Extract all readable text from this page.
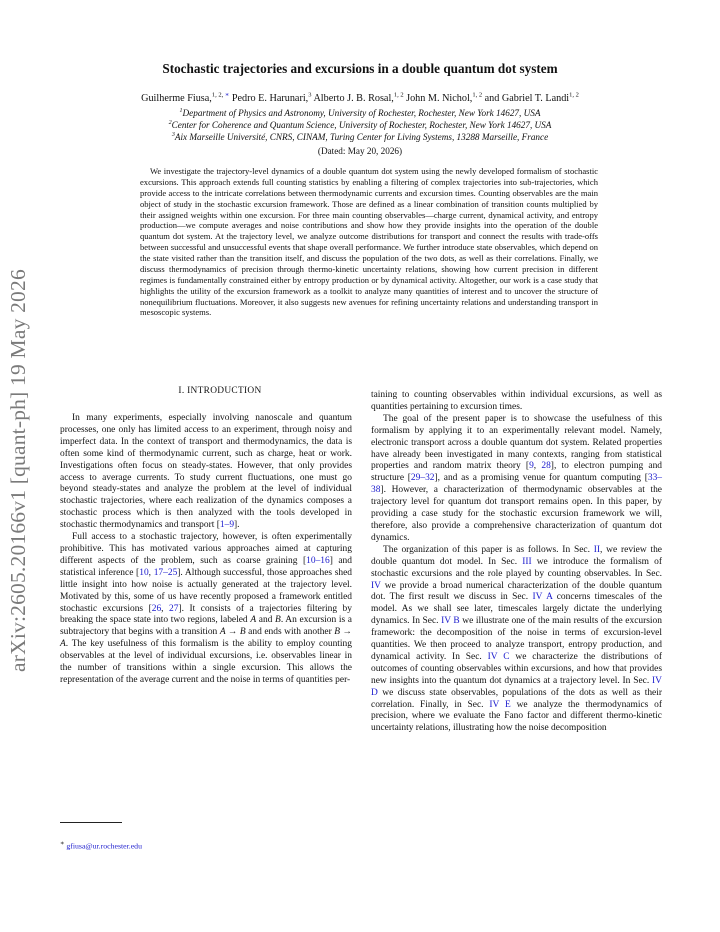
arXiv:2605.20166v1 [quant-ph] 19 May 2026
Stochastic trajectories and excursions in a double quantum dot system
Guilherme Fiusa,$^{1, 2,}$ ∗ Pedro E. Harunari,$^3$ Alberto J. B. Rosal,$^{1, 2}$ John M. Nichol,$^{1, 2}$ and Gabriel T. Landi$^{1, 2}$
$^1$Department of Physics and Astronomy, University of Rochester, Rochester, New York 14627, USA
$^2$Center for Coherence and Quantum Science, University of Rochester, Rochester, New York 14627, USA
$^3$Aix Marseille Université, CNRS, CINAM, Turing Center for Living Systems, 13288 Marseille, France
(Dated: May 20, 2026)
We investigate the trajectory-level dynamics of a double quantum dot system using the newly developed formalism of stochastic excursions. This approach extends full counting statistics by enabling a filtering of complex trajectories into sub-trajectories, which provide access to the intricate correlations between thermodynamic currents and excursion times. Counting observables are the main object of study in the stochastic excursion framework. Those are defined as a linear combination of transition counts multiplied by their assigned weights within one excursion. For three main counting observables—charge current, dynamical activity, and entropy production—we compute averages and noise contributions and show how they provide insights into the operation of the double quantum dot system. At the trajectory level, we analyze outcome distributions for transport and connect the results with trade-offs between successful and unsuccessful events that shape overall performance. We further introduce state observables, which depend on the state visited rather than the transition itself, and discuss the population of the two dots, as well as their correlations. Finally, we discuss thermodynamics of precision through thermo-kinetic uncertainty relations, showing how current precision in different regimes is fundamentally constrained either by entropy production or by dynamical activity. Altogether, our work is a case study that highlights the utility of the excursion framework as a toolkit to analyze many quantities of interest and to uncover the structure of nonequilibrium fluctuations. Moreover, it also suggests new avenues for refining uncertainty relations and understanding transport in mesoscopic systems.
I. INTRODUCTION

In many experiments, especially involving nanoscale and quantum processes, one only has limited access to an experiment, through noisy and imperfect data. In the context of transport and thermodynamics, the data is often some kind of thermodynamic current, such as charge, heat or work. Investigations often focus on steady-states. However, that only provides access to average currents. To study current fluctuations, one must go beyond steady-states and analyze the problem at the level of individual stochastic trajectories, where each realization of the dynamics composes a stochastic process which is then analyzed with the tools developed in stochastic thermodynamics and transport [1–9].

Full access to a stochastic trajectory, however, is often experimentally prohibitive. This has motivated various approaches aimed at capturing different aspects of the problem, such as coarse graining [10–16] and statistical inference [10, 17–25]. Although successful, those approaches shed little insight into how noise is actually generated at the trajectory level. Motivated by this, some of us have recently proposed a framework entitled stochastic excursions [26, 27]. It consists of a trajectories filtering by breaking the space state into two regions, labeled A and B. An excursion is a subtrajectory that begins with a transition A → B and ends with another B → A. The key usefulness of this formalism is the ability to employ counting observables at the level of individual excursions, i.e. observables linear in the number of transitions within a single excursion. This allows the representation of the average current and the noise in terms of quantities per-

taining to counting observables within individual excursions, as well as quantities pertaining to excursion times.

The goal of the present paper is to showcase the usefulness of this formalism by applying it to an experimentally relevant model. Namely, electronic transport across a double quantum dot system. Related properties have already been investigated in many contexts, ranging from statistical properties and random matrix theory [9, 28], to electron pumping and structure [29–32], and as a promising venue for quantum computing [33–38]. However, a characterization of thermodynamic observables at the trajectory level for quantum dot transport remains open. In this paper, by providing a case study for the stochastic excursion framework we will, therefore, also provide a comprehensive characterization of quantum dot dynamics.

The organization of this paper is as follows. In Sec. II, we review the double quantum dot model. In Sec. III we introduce the formalism of stochastic excursions and the role played by counting observables. In Sec. IV we provide a broad numerical characterization of the double quantum dot. The first result we discuss in Sec. IV A concerns timescales of the model. As we shall see later, timescales largely dictate the underlying dynamics. In Sec. IV B we illustrate one of the main results of the excursion framework: the decomposition of the noise in terms of excursion-level quantities. We then proceed to analyze transport, entropy production, and dynamical activity. In Sec. IV C we characterize the distributions of outcomes of counting observables within excursions, and how that provides new insights into the quantum dot dynamics at a trajectory level. In Sec. IV D we discuss state observables, populations of the dots as well as their correlation. Finally, in Sec. IV E we analyze the thermodynamics of precision, where we evaluate the Fano factor and different thermo-kinetic uncertainty relations, illustrating how the noise decomposition

∗ gfiusa@ur.rochester.edu
